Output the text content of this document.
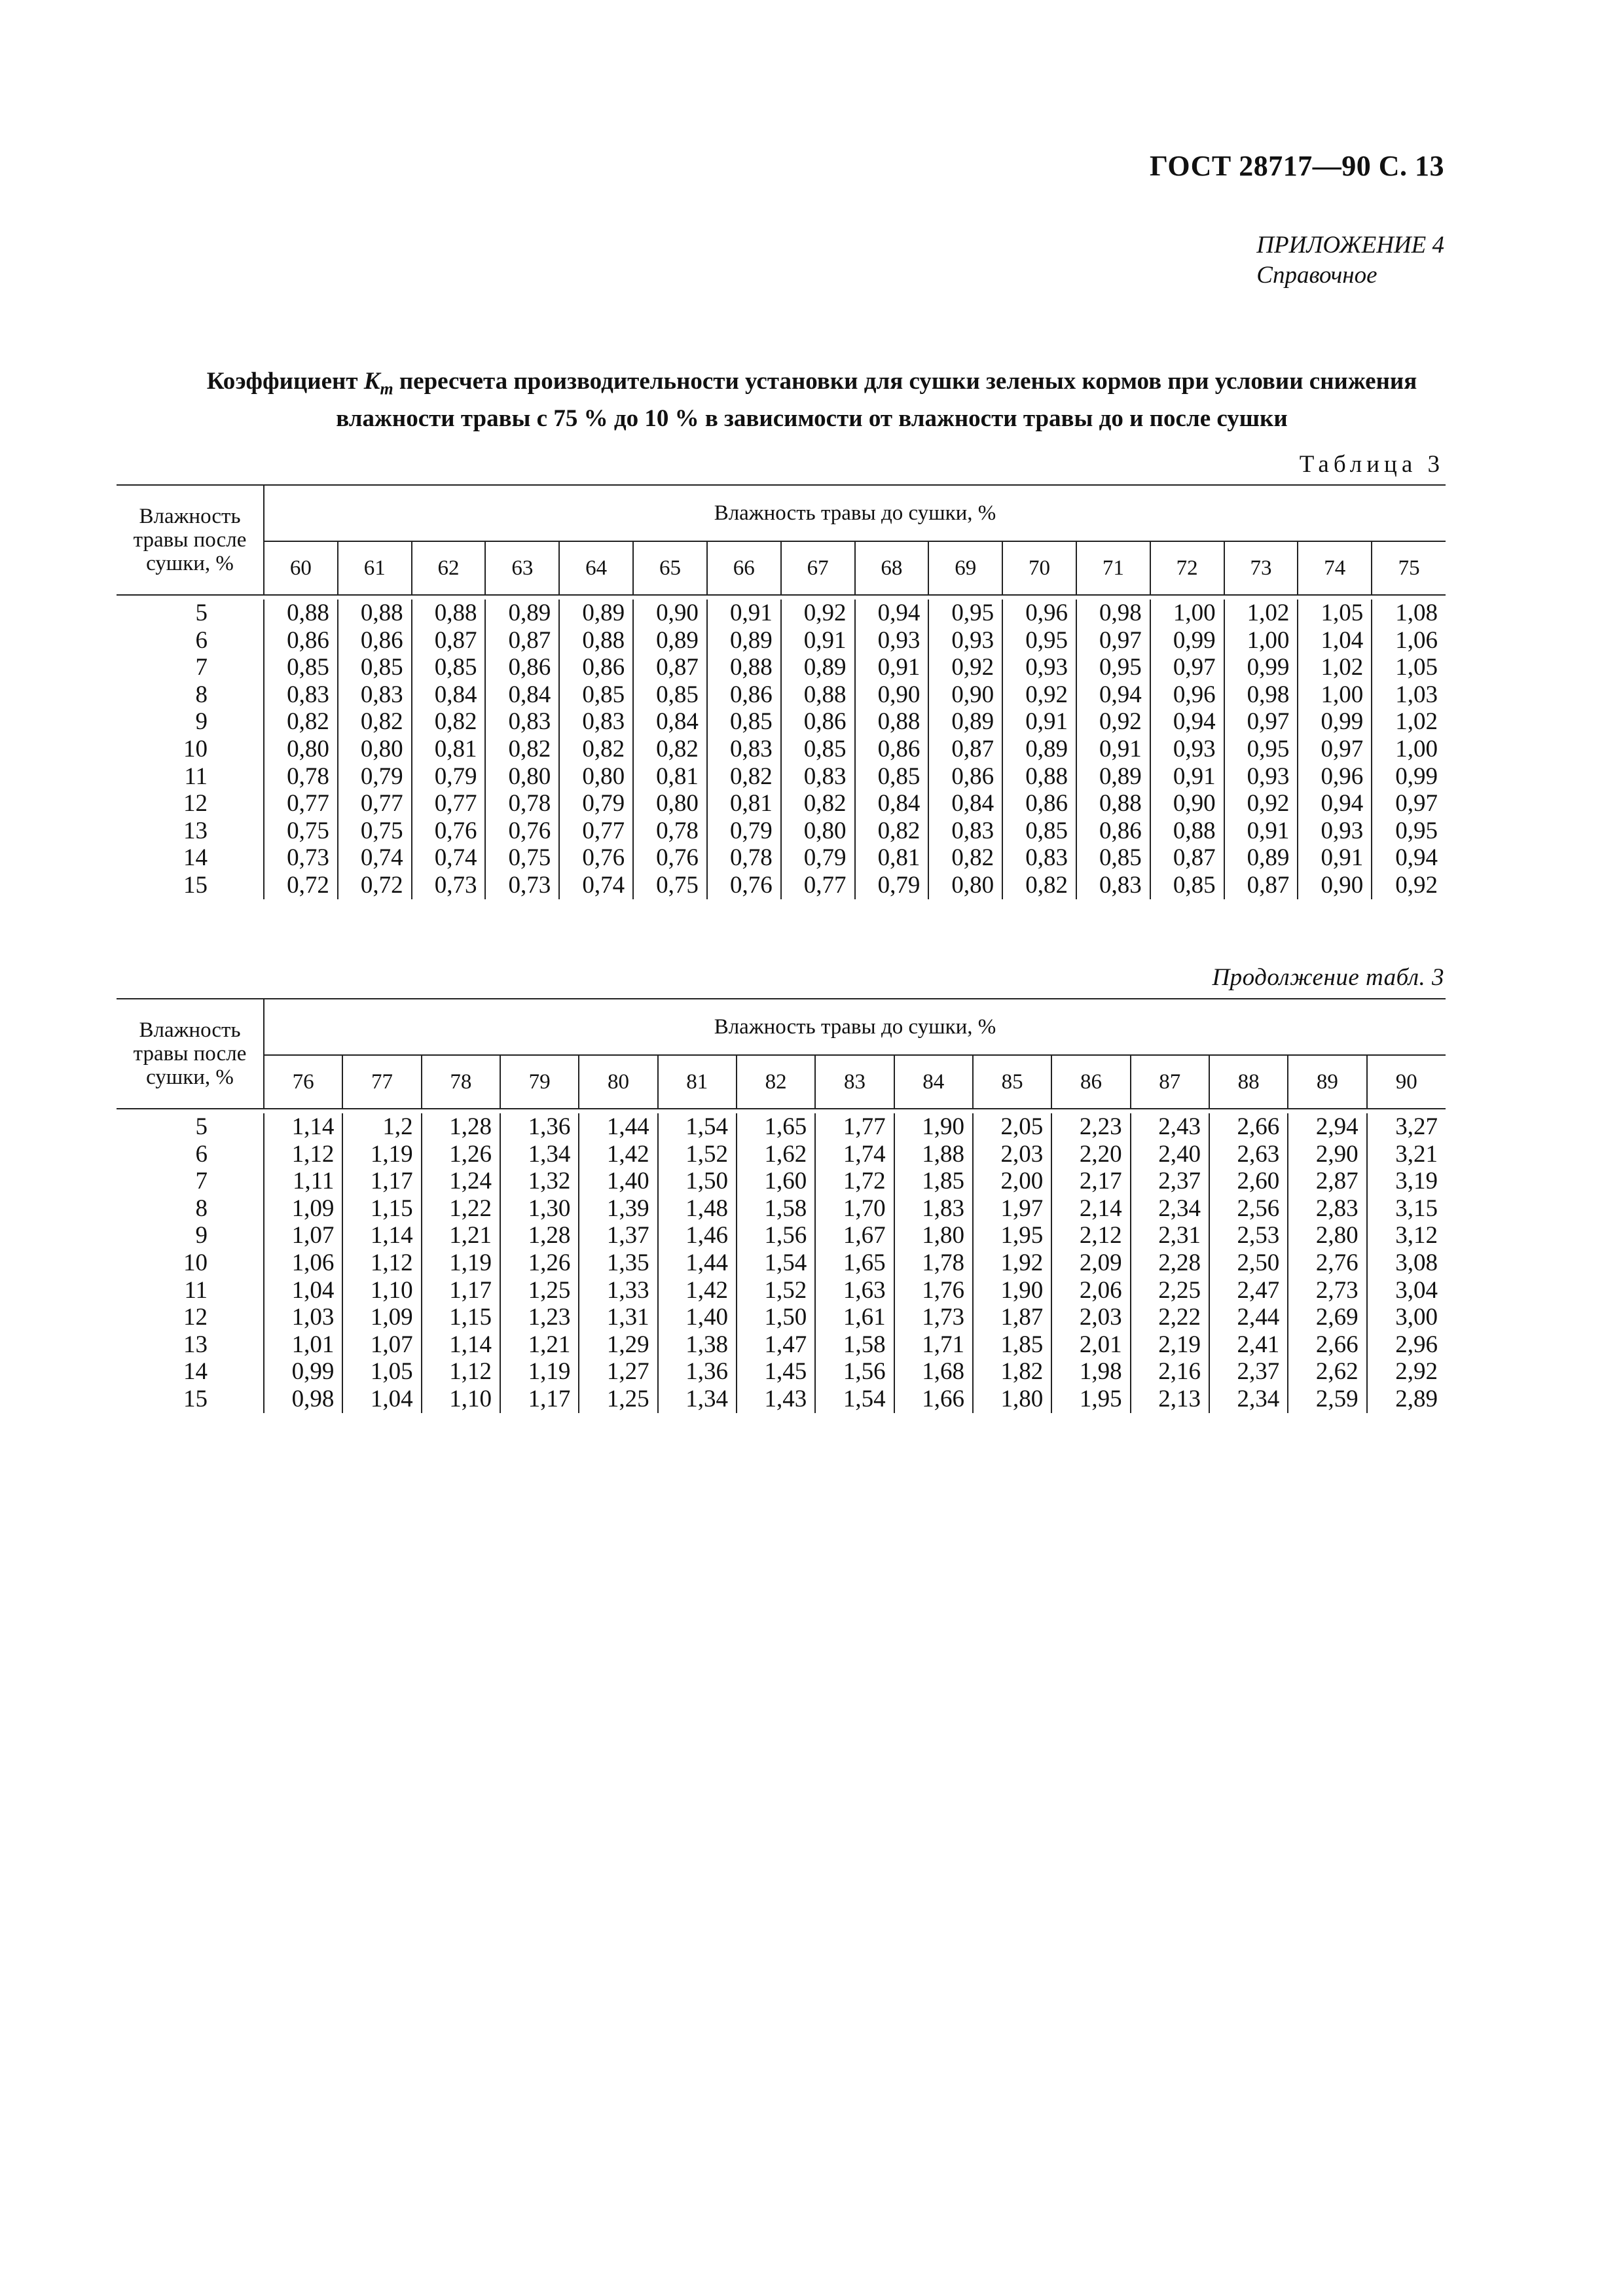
ГОСТ 28717—90 С. 13
ПРИЛОЖЕНИЕ 4
Справочное
Коэффициент $K_m$ пересчета производительности установки для сушки зеленых кормов при условии снижения
влажности травы с 75 % до 10 % в зависимости от влажности травы до и после сушки
Таблица 3
Влажность
травы после
сушки, %	Влажность травы до сушки, %															
	60	61	62	63	64	65	66	67	68	69	70	71	72	73	74	75

5	0,88	0,88	0,88	0,89	0,89	0,90	0,91	0,92	0,94	0,95	0,96	0,98	1,00	1,02	1,05	1,08
6	0,86	0,86	0,87	0,87	0,88	0,89	0,89	0,91	0,93	0,93	0,95	0,97	0,99	1,00	1,04	1,06
7	0,85	0,85	0,85	0,86	0,86	0,87	0,88	0,89	0,91	0,92	0,93	0,95	0,97	0,99	1,02	1,05
8	0,83	0,83	0,84	0,84	0,85	0,85	0,86	0,88	0,90	0,90	0,92	0,94	0,96	0,98	1,00	1,03
9	0,82	0,82	0,82	0,83	0,83	0,84	0,85	0,86	0,88	0,89	0,91	0,92	0,94	0,97	0,99	1,02
10	0,80	0,80	0,81	0,82	0,82	0,82	0,83	0,85	0,86	0,87	0,89	0,91	0,93	0,95	0,97	1,00
11	0,78	0,79	0,79	0,80	0,80	0,81	0,82	0,83	0,85	0,86	0,88	0,89	0,91	0,93	0,96	0,99
12	0,77	0,77	0,77	0,78	0,79	0,80	0,81	0,82	0,84	0,84	0,86	0,88	0,90	0,92	0,94	0,97
13	0,75	0,75	0,76	0,76	0,77	0,78	0,79	0,80	0,82	0,83	0,85	0,86	0,88	0,91	0,93	0,95
14	0,73	0,74	0,74	0,75	0,76	0,76	0,78	0,79	0,81	0,82	0,83	0,85	0,87	0,89	0,91	0,94
15	0,72	0,72	0,73	0,73	0,74	0,75	0,76	0,77	0,79	0,80	0,82	0,83	0,85	0,87	0,90	0,92
Продолжение табл. 3
Влажность
травы после
сушки, %	Влажность травы до сушки, %														
	76	77	78	79	80	81	82	83	84	85	86	87	88	89	90

5	1,14	1,2	1,28	1,36	1,44	1,54	1,65	1,77	1,90	2,05	2,23	2,43	2,66	2,94	3,27
6	1,12	1,19	1,26	1,34	1,42	1,52	1,62	1,74	1,88	2,03	2,20	2,40	2,63	2,90	3,21
7	1,11	1,17	1,24	1,32	1,40	1,50	1,60	1,72	1,85	2,00	2,17	2,37	2,60	2,87	3,19
8	1,09	1,15	1,22	1,30	1,39	1,48	1,58	1,70	1,83	1,97	2,14	2,34	2,56	2,83	3,15
9	1,07	1,14	1,21	1,28	1,37	1,46	1,56	1,67	1,80	1,95	2,12	2,31	2,53	2,80	3,12
10	1,06	1,12	1,19	1,26	1,35	1,44	1,54	1,65	1,78	1,92	2,09	2,28	2,50	2,76	3,08
11	1,04	1,10	1,17	1,25	1,33	1,42	1,52	1,63	1,76	1,90	2,06	2,25	2,47	2,73	3,04
12	1,03	1,09	1,15	1,23	1,31	1,40	1,50	1,61	1,73	1,87	2,03	2,22	2,44	2,69	3,00
13	1,01	1,07	1,14	1,21	1,29	1,38	1,47	1,58	1,71	1,85	2,01	2,19	2,41	2,66	2,96
14	0,99	1,05	1,12	1,19	1,27	1,36	1,45	1,56	1,68	1,82	1,98	2,16	2,37	2,62	2,92
15	0,98	1,04	1,10	1,17	1,25	1,34	1,43	1,54	1,66	1,80	1,95	2,13	2,34	2,59	2,89
